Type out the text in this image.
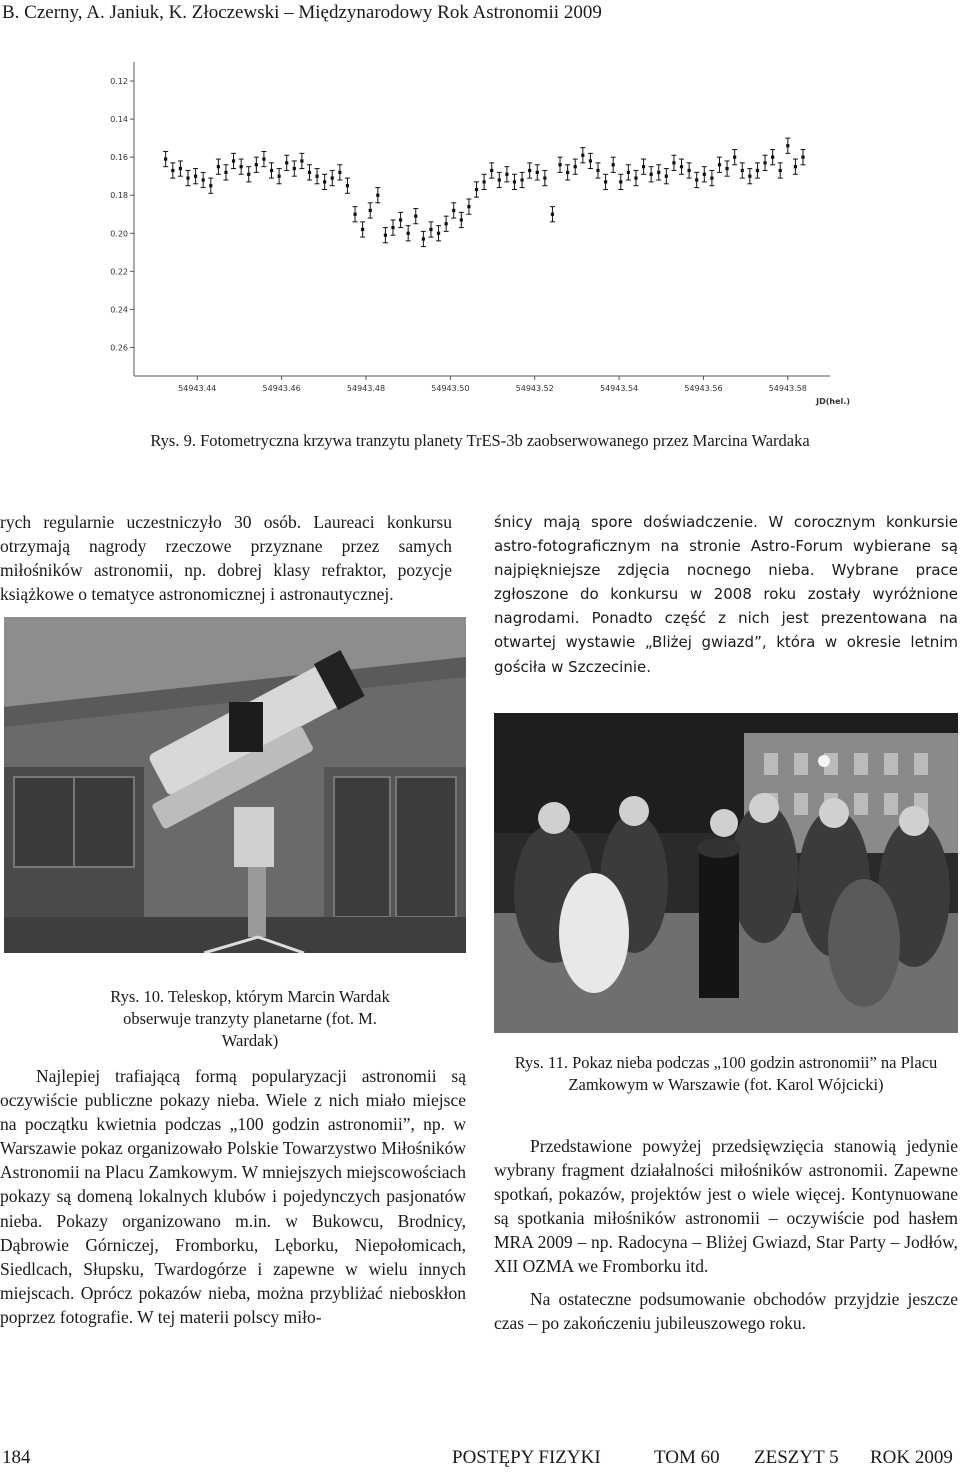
B. Czerny, A. Janiuk, K. Złoczewski – Międzynarodowy Rok Astronomii 2009
0.12
0.14
0.16
0.18
0.20
0.22
0.24
0.26
54943.44	54943.46	54943.48	54943.50	54943.52	54943.54	54943.56	54943.58
JD(hel.)
Rys. 9. Fotometryczna krzywa tranzytu planety TrES-3b zaobserwowanego przez Marcina Wardaka

rych regularnie uczestniczyło 30 osób. Laureaci konkursu otrzymają nagrody rzeczowe przyznane przez samych miłośników astronomii, np. dobrej klasy refraktor, pozycje książkowe o tematyce astronomicznej i astronautycznej.

śnicy mają spore doświadczenie. W corocznym konkursie astro-fotograficznym na stronie Astro-Forum wybierane są najpiękniejsze zdjęcia nocnego nieba. Wybrane prace zgłoszone do konkursu w 2008 roku zostały wyróżnione nagrodami. Ponadto część z nich jest prezentowana na otwartej wystawie „Bliżej gwiazd”, która w okresie letnim gościła w Szczecinie.

Rys. 10. Teleskop, którym Marcin Wardak obserwuje tranzyty planetarne (fot. M. Wardak)
Rys. 11. Pokaz nieba podczas „100 godzin astronomii” na Placu Zamkowym w Warszawie (fot. Karol Wójcicki)

Najlepiej trafiającą formą popularyzacji astronomii są oczywiście publiczne pokazy nieba. Wiele z nich miało miejsce na początku kwietnia podczas „100 godzin astronomii”, np. w Warszawie pokaz organizowało Polskie Towarzystwo Miłośników Astronomii na Placu Zamkowym. W mniejszych miejscowościach pokazy są domeną lokalnych klubów i pojedynczych pasjonatów nieba. Pokazy organizowano m.in. w Bukowcu, Brodnicy, Dąbrowie Górniczej, Fromborku, Lęborku, Niepołomicach, Siedlcach, Słupsku, Twardogórze i zapewne w wielu innych miejscach. Oprócz pokazów nieba, można przybliżać nieboskłon poprzez fotografie. W tej materii polscy miło-

Przedstawione powyżej przedsięwzięcia stanowią jedynie wybrany fragment działalności miłośników astronomii. Zapewne spotkań, pokazów, projektów jest o wiele więcej. Kontynuowane są spotkania miłośników astronomii – oczywiście pod hasłem MRA 2009 – np. Radocyna – Bliżej Gwiazd, Star Party – Jodłów, XII OZMA we Fromborku itd.

Na ostateczne podsumowanie obchodów przyjdzie jeszcze czas – po zakończeniu jubileuszowego roku.

184	POSTĘPY FIZYKI	TOM 60 ZESZYT 5 ROK 2009
